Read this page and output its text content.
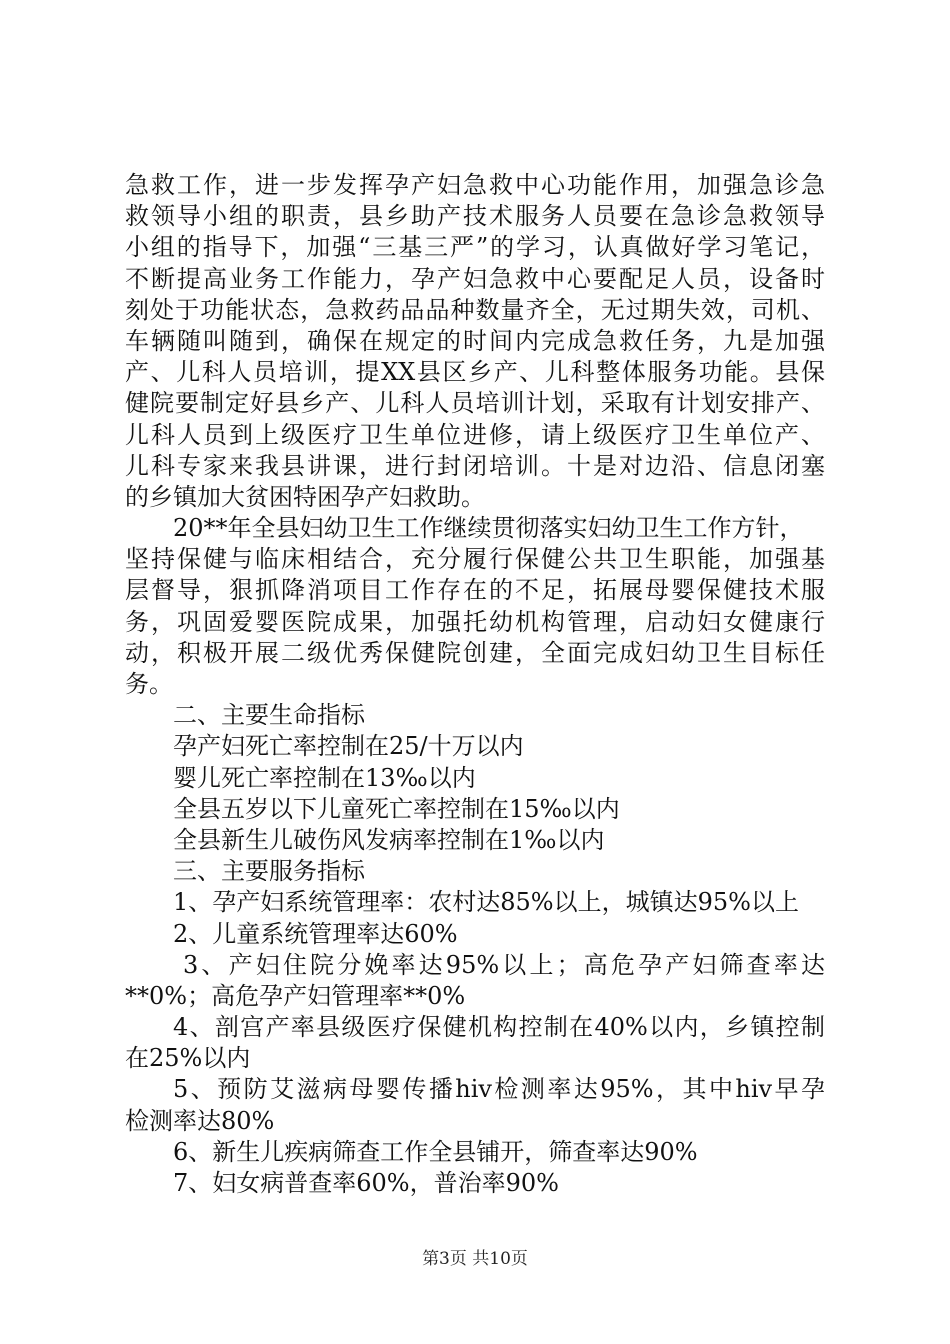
急救工作，进一步发挥孕产妇急救中心功能作用，加强急诊急
救领导小组的职责，县乡助产技术服务人员要在急诊急救领导
小组的指导下，加强“三基三严”的学习，认真做好学习笔记，
不断提高业务工作能力，孕产妇急救中心要配足人员，设备时
刻处于功能状态，急救药品品种数量齐全，无过期失效，司机、
车辆随叫随到，确保在规定的时间内完成急救任务，九是加强
产、儿科人员培训，提XX县区乡产、儿科整体服务功能。县保
健院要制定好县乡产、儿科人员培训计划，采取有计划安排产、
儿科人员到上级医疗卫生单位进修，请上级医疗卫生单位产、
儿科专家来我县讲课，进行封闭培训。十是对边沿、信息闭塞
的乡镇加大贫困特困孕产妇救助。
20**年全县妇幼卫生工作继续贯彻落实妇幼卫生工作方针，
坚持保健与临床相结合，充分履行保健公共卫生职能，加强基
层督导，狠抓降消项目工作存在的不足，拓展母婴保健技术服
务，巩固爱婴医院成果，加强托幼机构管理，启动妇女健康行
动，积极开展二级优秀保健院创建，全面完成妇幼卫生目标任
务。
二、主要生命指标
孕产妇死亡率控制在25/十万以内
婴儿死亡率控制在13‰以内
全县五岁以下儿童死亡率控制在15‰以内
全县新生儿破伤风发病率控制在1‰以内
三、主要服务指标
1、孕产妇系统管理率：农村达85%以上，城镇达95%以上
2、儿童系统管理率达60%
3、产妇住院分娩率达95%以上；高危孕产妇筛查率达
**0%；高危孕产妇管理率**0%
4、剖宫产率县级医疗保健机构控制在40%以内，乡镇控制
在25%以内
5、预防艾滋病母婴传播hiv检测率达95%，其中hiv早孕
检测率达80%
6、新生儿疾病筛查工作全县铺开，筛查率达90%
7、妇女病普查率60%，普治率90%
第3页 共10页
